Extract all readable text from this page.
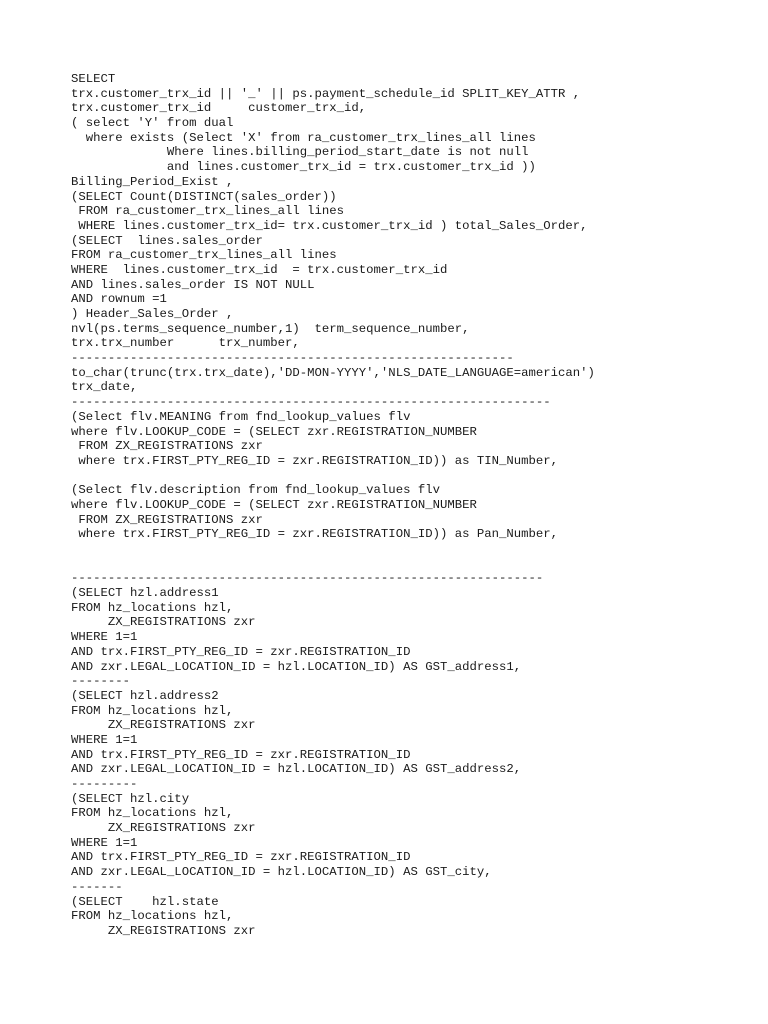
SELECT
trx.customer_trx_id || '_' || ps.payment_schedule_id SPLIT_KEY_ATTR ,
trx.customer_trx_id     customer_trx_id,
( select 'Y' from dual
where exists (Select 'X' from ra_customer_trx_lines_all lines
Where lines.billing_period_start_date is not null
and lines.customer_trx_id = trx.customer_trx_id ))
Billing_Period_Exist ,
(SELECT Count(DISTINCT(sales_order))
FROM ra_customer_trx_lines_all lines
WHERE lines.customer_trx_id= trx.customer_trx_id ) total_Sales_Order,
(SELECT  lines.sales_order
FROM ra_customer_trx_lines_all lines
WHERE  lines.customer_trx_id  = trx.customer_trx_id
AND lines.sales_order IS NOT NULL
AND rownum =1
) Header_Sales_Order ,
nvl(ps.terms_sequence_number,1)  term_sequence_number,
trx.trx_number      trx_number,
------------------------------------------------------------
to_char(trunc(trx.trx_date),'DD-MON-YYYY','NLS_DATE_LANGUAGE=american')
trx_date,
-----------------------------------------------------------------
(Select flv.MEANING from fnd_lookup_values flv
where flv.LOOKUP_CODE = (SELECT zxr.REGISTRATION_NUMBER
FROM ZX_REGISTRATIONS zxr
where trx.FIRST_PTY_REG_ID = zxr.REGISTRATION_ID)) as TIN_Number,
(Select flv.description from fnd_lookup_values flv
where flv.LOOKUP_CODE = (SELECT zxr.REGISTRATION_NUMBER
FROM ZX_REGISTRATIONS zxr
where trx.FIRST_PTY_REG_ID = zxr.REGISTRATION_ID)) as Pan_Number,
----------------------------------------------------------------
(SELECT hzl.address1
FROM hz_locations hzl,
ZX_REGISTRATIONS zxr
WHERE 1=1
AND trx.FIRST_PTY_REG_ID = zxr.REGISTRATION_ID
AND zxr.LEGAL_LOCATION_ID = hzl.LOCATION_ID) AS GST_address1,
--------
(SELECT hzl.address2
FROM hz_locations hzl,
ZX_REGISTRATIONS zxr
WHERE 1=1
AND trx.FIRST_PTY_REG_ID = zxr.REGISTRATION_ID
AND zxr.LEGAL_LOCATION_ID = hzl.LOCATION_ID) AS GST_address2,
---------
(SELECT hzl.city
FROM hz_locations hzl,
ZX_REGISTRATIONS zxr
WHERE 1=1
AND trx.FIRST_PTY_REG_ID = zxr.REGISTRATION_ID
AND zxr.LEGAL_LOCATION_ID = hzl.LOCATION_ID) AS GST_city,
-------
(SELECT    hzl.state
FROM hz_locations hzl,
ZX_REGISTRATIONS zxr
